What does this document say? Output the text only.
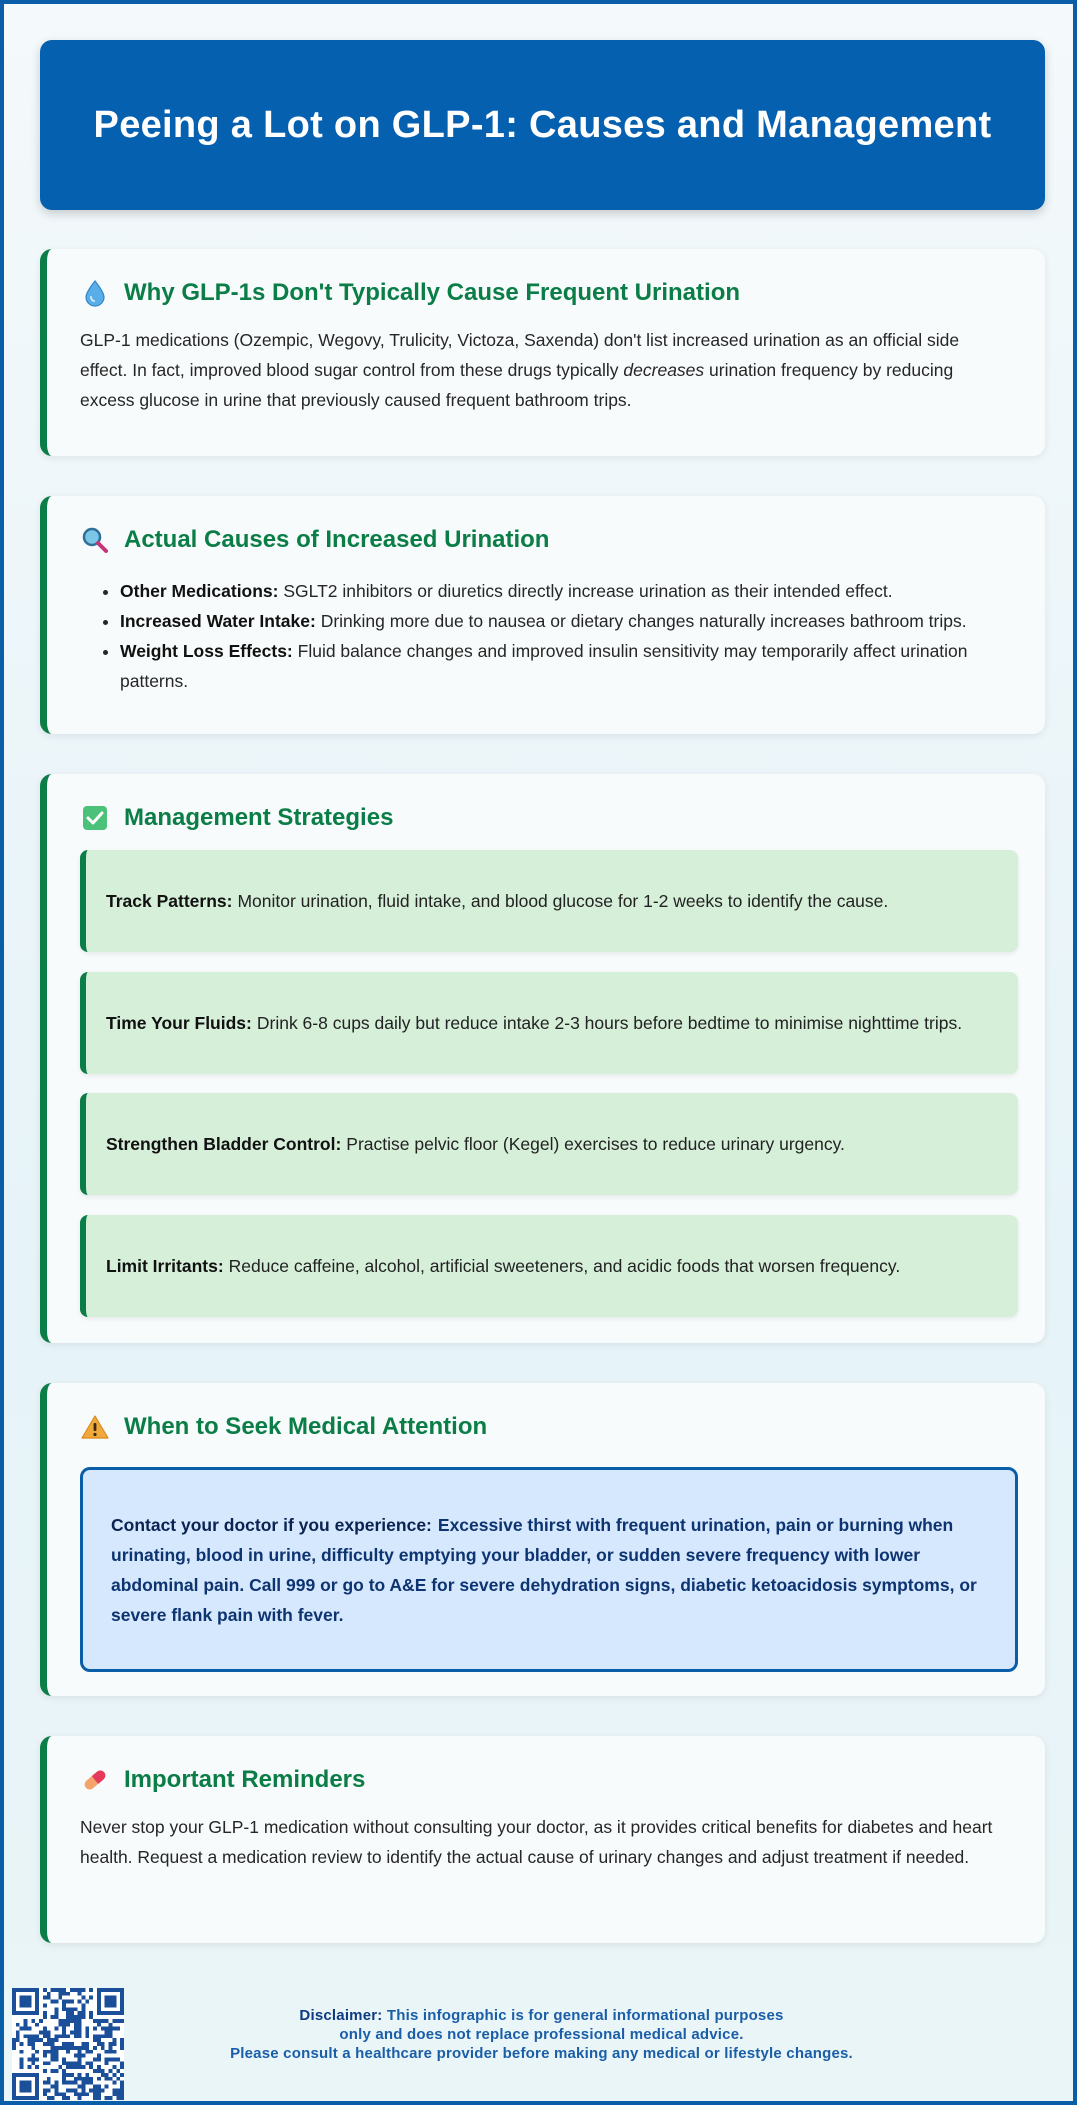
Peeing a Lot on GLP-1: Causes and Management
Why GLP-1s Don't Typically Cause Frequent Urination

GLP-1 medications (Ozempic, Wegovy, Trulicity, Victoza, Saxenda) don't list increased urination as an official side effect. In fact, improved blood sugar control from these drugs typically decreases urination frequency by reducing excess glucose in urine that previously caused frequent bathroom trips.

Actual Causes of Increased Urination
• Other Medications: SGLT2 inhibitors or diuretics directly increase urination as their intended effect.
• Increased Water Intake: Drinking more due to nausea or dietary changes naturally increases bathroom trips.
• Weight Loss Effects: Fluid balance changes and improved insulin sensitivity may temporarily affect urination patterns.
Management Strategies
Track Patterns: Monitor urination, fluid intake, and blood glucose for 1-2 weeks to identify the cause.
Time Your Fluids: Drink 6-8 cups daily but reduce intake 2-3 hours before bedtime to minimise nighttime trips.
Strengthen Bladder Control: Practise pelvic floor (Kegel) exercises to reduce urinary urgency.
Limit Irritants: Reduce caffeine, alcohol, artificial sweeteners, and acidic foods that worsen frequency.
When to Seek Medical Attention
Contact your doctor if you experience: Excessive thirst with frequent urination, pain or burning when urinating, blood in urine, difficulty emptying your bladder, or sudden severe frequency with lower abdominal pain. Call 999 or go to A&E for severe dehydration signs, diabetic ketoacidosis symptoms, or severe flank pain with fever.
Important Reminders

Never stop your GLP-1 medication without consulting your doctor, as it provides critical benefits for diabetes and heart health. Request a medication review to identify the actual cause of urinary changes and adjust treatment if needed.

Disclaimer: This infographic is for general informational purposes
only and does not replace professional medical advice.
Please consult a healthcare provider before making any medical or lifestyle changes.
